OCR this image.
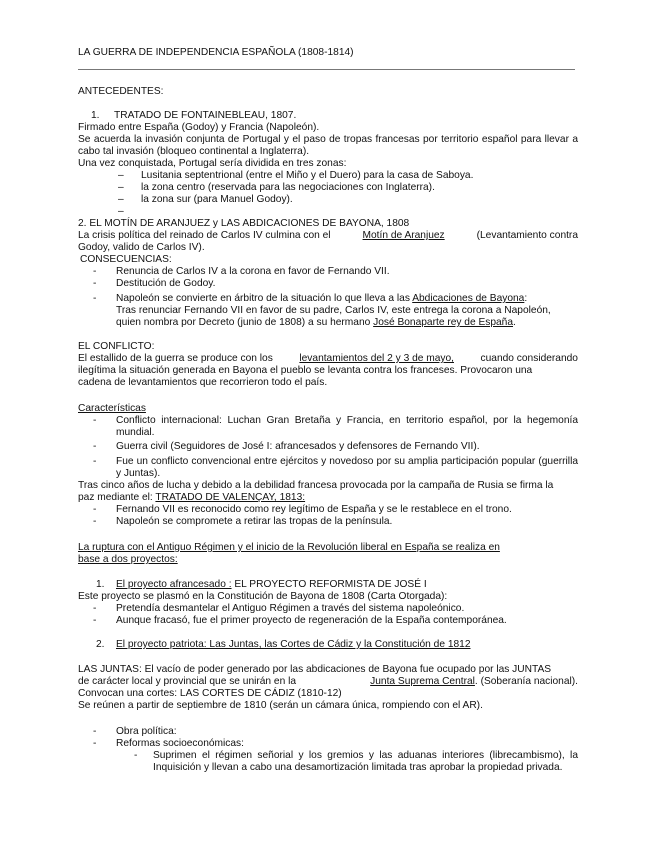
LA GUERRA DE INDEPENDENCIA ESPAÑOLA (1808-1814)
ANTECEDENTES:
1. TRATADO DE FONTAINEBLEAU, 1807.
Firmado entre España (Godoy) y Francia (Napoleón).
Se acuerda la invasión conjunta de Portugal y el paso de tropas francesas por territorio español para llevar a cabo tal invasión (bloqueo continental a Inglaterra).
Una vez conquistada, Portugal sería dividida en tres zonas:
– Lusitania septentrional (entre el Miño y el Duero) para la casa de Saboya.
– la zona centro (reservada para las negociaciones con Inglaterra).
– la zona sur (para Manuel Godoy).
–
2. EL MOTÍN DE ARANJUEZ y LAS ABDICACIONES DE BAYONA, 1808
La crisis política del reinado de Carlos IV culmina con el	Motín de Aranjuez	(Levantamiento contra
Godoy, valido de Carlos IV).
CONSECUENCIAS:
- Renuncia de Carlos IV a la corona en favor de Fernando VII.
- Destitución de Godoy.
- Napoleón se convierte en árbitro de la situación lo que lleva a las Abdicaciones de Bayona:
Tras renunciar Fernando VII en favor de su padre, Carlos IV, este entrega la corona a Napoleón,
quien nombra por Decreto (junio de 1808) a su hermano José Bonaparte rey de España.
EL CONFLICTO:
El estallido de la guerra se produce con los	levantamientos del 2 y 3 de mayo,	cuando considerando
ilegítima la situación generada en Bayona el pueblo se levanta contra los franceses. Provocaron una
cadena de levantamientos que recorrieron todo el país.
Características
- Conflicto internacional: Luchan Gran Bretaña y Francia, en territorio español, por la hegemonía mundial.
- Guerra civil (Seguidores de José I: afrancesados y defensores de Fernando VII).
- Fue un conflicto convencional entre ejércitos y novedoso por su amplia participación popular (guerrilla y Juntas).
Tras cinco años de lucha y debido a la debilidad francesa provocada por la campaña de Rusia se firma la
paz mediante el: TRATADO DE VALENÇAY, 1813:
- Fernando VII es reconocido como rey legítimo de España y se le restablece en el trono.
- Napoleón se compromete a retirar las tropas de la península.
La ruptura con el Antiguo Régimen y el inicio de la Revolución liberal en España se realiza en
base a dos proyectos:
1. El proyecto afrancesado : EL PROYECTO REFORMISTA DE JOSÉ I
Este proyecto se plasmó en la Constitución de Bayona de 1808 (Carta Otorgada):
- Pretendía desmantelar el Antiguo Régimen a través del sistema napoleónico.
- Aunque fracasó, fue el primer proyecto de regeneración de la España contemporánea.
2. El proyecto patriota: Las Juntas, las Cortes de Cádiz y la Constitución de 1812
LAS JUNTAS: El vacío de poder generado por las abdicaciones de Bayona fue ocupado por las JUNTAS
de carácter local y provincial que se unirán en la	Junta Suprema Central. (Soberanía nacional).
Convocan una cortes: LAS CORTES DE CÁDIZ (1810-12)
Se reúnen a partir de septiembre de 1810 (serán un cámara única, rompiendo con el AR).
- Obra política:
- Reformas socioeconómicas:
- Suprimen el régimen señorial y los gremios y las aduanas interiores (librecambismo), la Inquisición y llevan a cabo una desamortización limitada tras aprobar la propiedad privada.
